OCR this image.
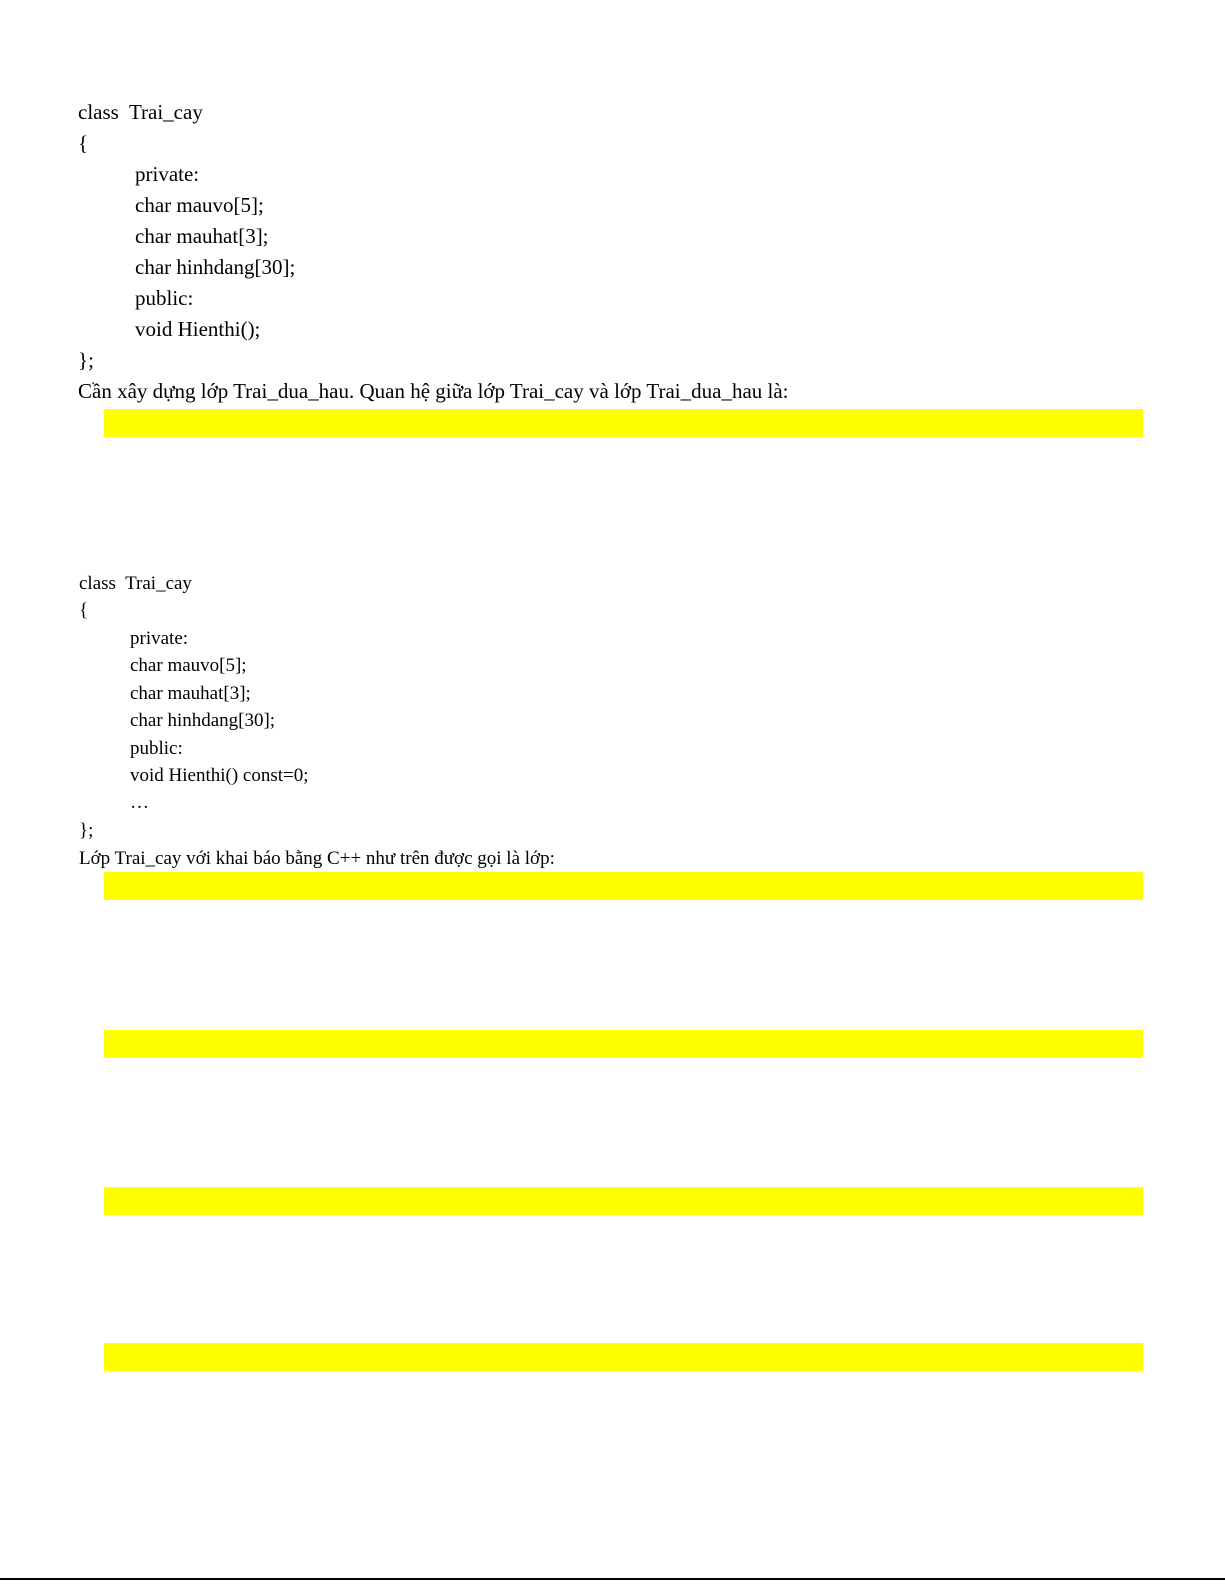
class  Trai_cay
{
private:
char mauvo[5];
char mauhat[3];
char hinhdang[30];
public:
void Hienthi();
};
Cần xây dựng lớp Trai_dua_hau. Quan hệ giữa lớp Trai_cay và lớp Trai_dua_hau là:
class  Trai_cay
{
private:
char mauvo[5];
char mauhat[3];
char hinhdang[30];
public:
void Hienthi() const=0;
…
};
Lớp Trai_cay với khai báo bằng C++ như trên được gọi là lớp:
